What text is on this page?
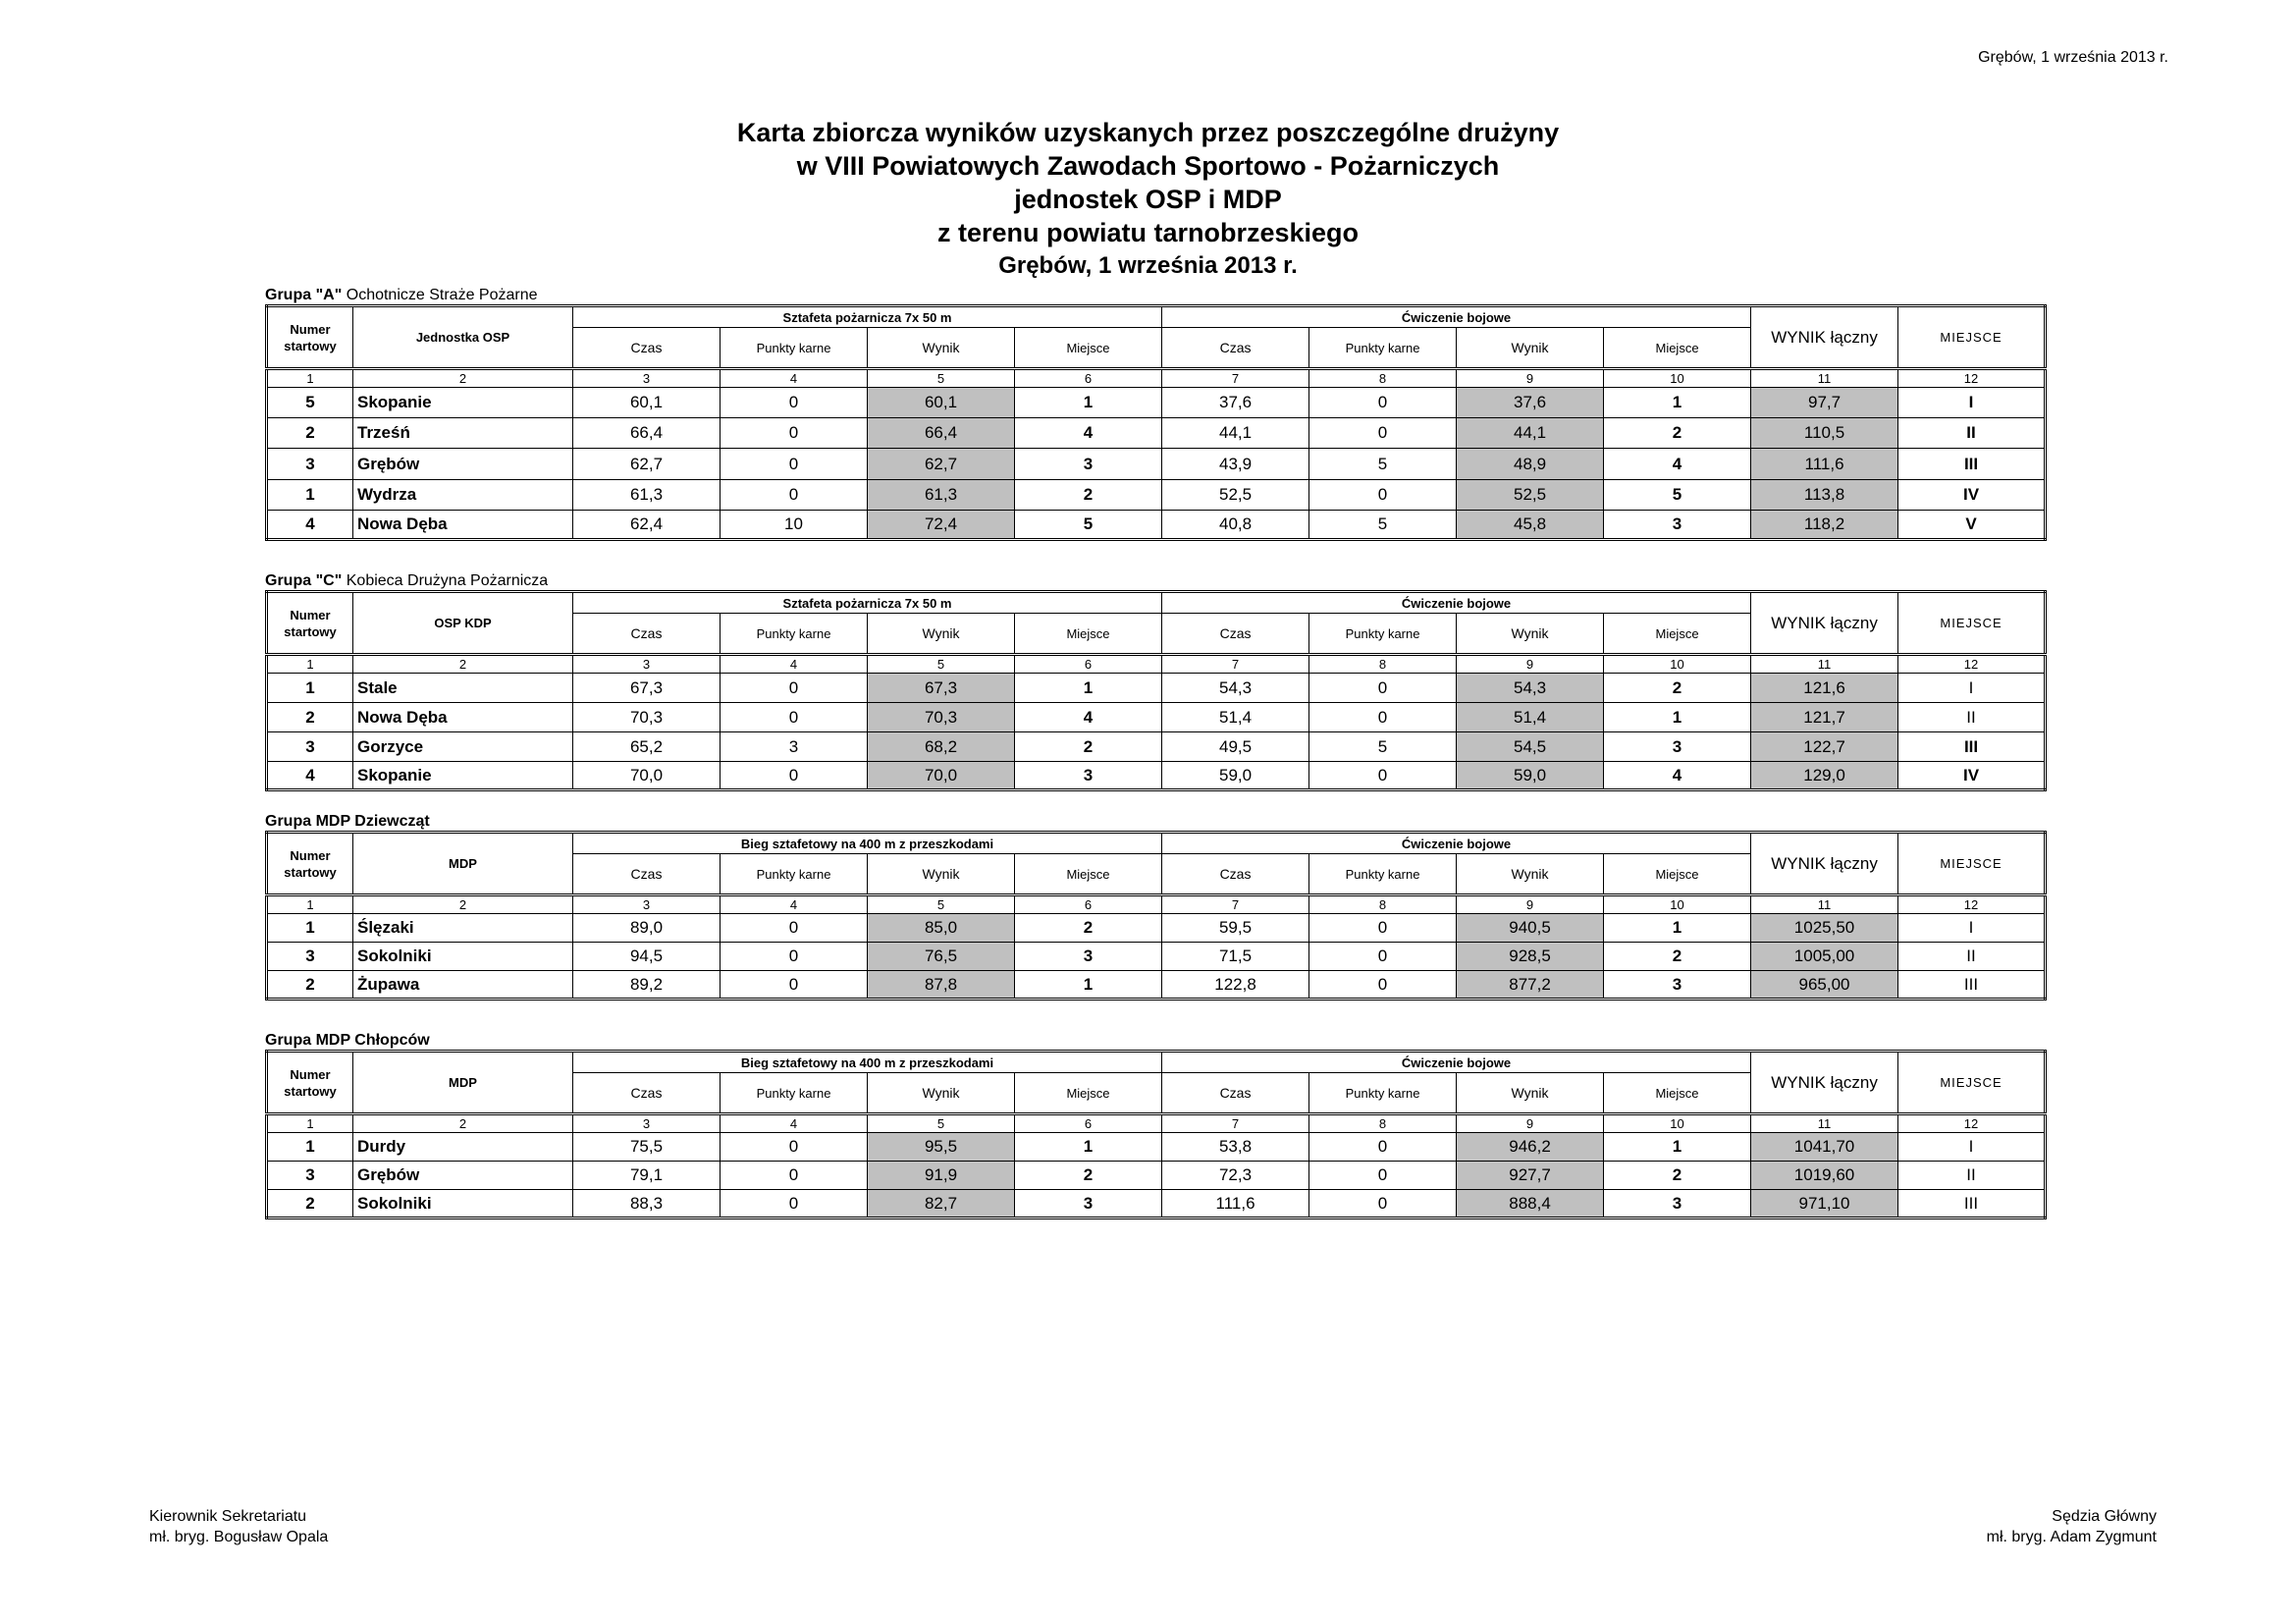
Grębów, 1 września 2013 r.
Karta zbiorcza wyników uzyskanych przez poszczególne drużyny
w VIII Powiatowych Zawodach Sportowo - Pożarniczych
jednostek OSP i MDP
z terenu powiatu tarnobrzeskiego
Grębów, 1 września 2013 r.
Grupa "A" Ochotnicze Straże Pożarne
Numer
startowy	Jednostka OSP	Sztafeta pożarnicza 7x 50 m				Ćwiczenie bojowe				WYNIK łączny	MIEJSCE
		Czas	Punkty karne	Wynik	Miejsce	Czas	Punkty karne	Wynik	Miejsce		
1	2	3	4	5	6	7	8	9	10	11	12
5	Skopanie	60,1	0	60,1	1	37,6	0	37,6	1	97,7	I
2	Trześń	66,4	0	66,4	4	44,1	0	44,1	2	110,5	II
3	Grębów	62,7	0	62,7	3	43,9	5	48,9	4	111,6	III
1	Wydrza	61,3	0	61,3	2	52,5	0	52,5	5	113,8	IV
4	Nowa Dęba	62,4	10	72,4	5	40,8	5	45,8	3	118,2	V
Grupa "C" Kobieca Drużyna Pożarnicza
Numer
startowy	OSP KDP	Sztafeta pożarnicza 7x 50 m				Ćwiczenie bojowe				WYNIK łączny	MIEJSCE
		Czas	Punkty karne	Wynik	Miejsce	Czas	Punkty karne	Wynik	Miejsce		
1	2	3	4	5	6	7	8	9	10	11	12
1	Stale	67,3	0	67,3	1	54,3	0	54,3	2	121,6	I
2	Nowa Dęba	70,3	0	70,3	4	51,4	0	51,4	1	121,7	II
3	Gorzyce	65,2	3	68,2	2	49,5	5	54,5	3	122,7	III
4	Skopanie	70,0	0	70,0	3	59,0	0	59,0	4	129,0	IV
Grupa MDP Dziewcząt
Numer
startowy	MDP	Bieg sztafetowy na 400 m z przeszkodami				Ćwiczenie bojowe				WYNIK łączny	MIEJSCE
		Czas	Punkty karne	Wynik	Miejsce	Czas	Punkty karne	Wynik	Miejsce		
1	2	3	4	5	6	7	8	9	10	11	12
1	Ślęzaki	89,0	0	85,0	2	59,5	0	940,5	1	1025,50	I
3	Sokolniki	94,5	0	76,5	3	71,5	0	928,5	2	1005,00	II
2	Żupawa	89,2	0	87,8	1	122,8	0	877,2	3	965,00	III
Grupa MDP Chłopców
Numer
startowy	MDP	Bieg sztafetowy na 400 m z przeszkodami				Ćwiczenie bojowe				WYNIK łączny	MIEJSCE
		Czas	Punkty karne	Wynik	Miejsce	Czas	Punkty karne	Wynik	Miejsce		
1	2	3	4	5	6	7	8	9	10	11	12
1	Durdy	75,5	0	95,5	1	53,8	0	946,2	1	1041,70	I
3	Grębów	79,1	0	91,9	2	72,3	0	927,7	2	1019,60	II
2	Sokolniki	88,3	0	82,7	3	111,6	0	888,4	3	971,10	III
Kierownik Sekretariatu
mł. bryg. Bogusław Opala
Sędzia Główny
mł. bryg. Adam Zygmunt
